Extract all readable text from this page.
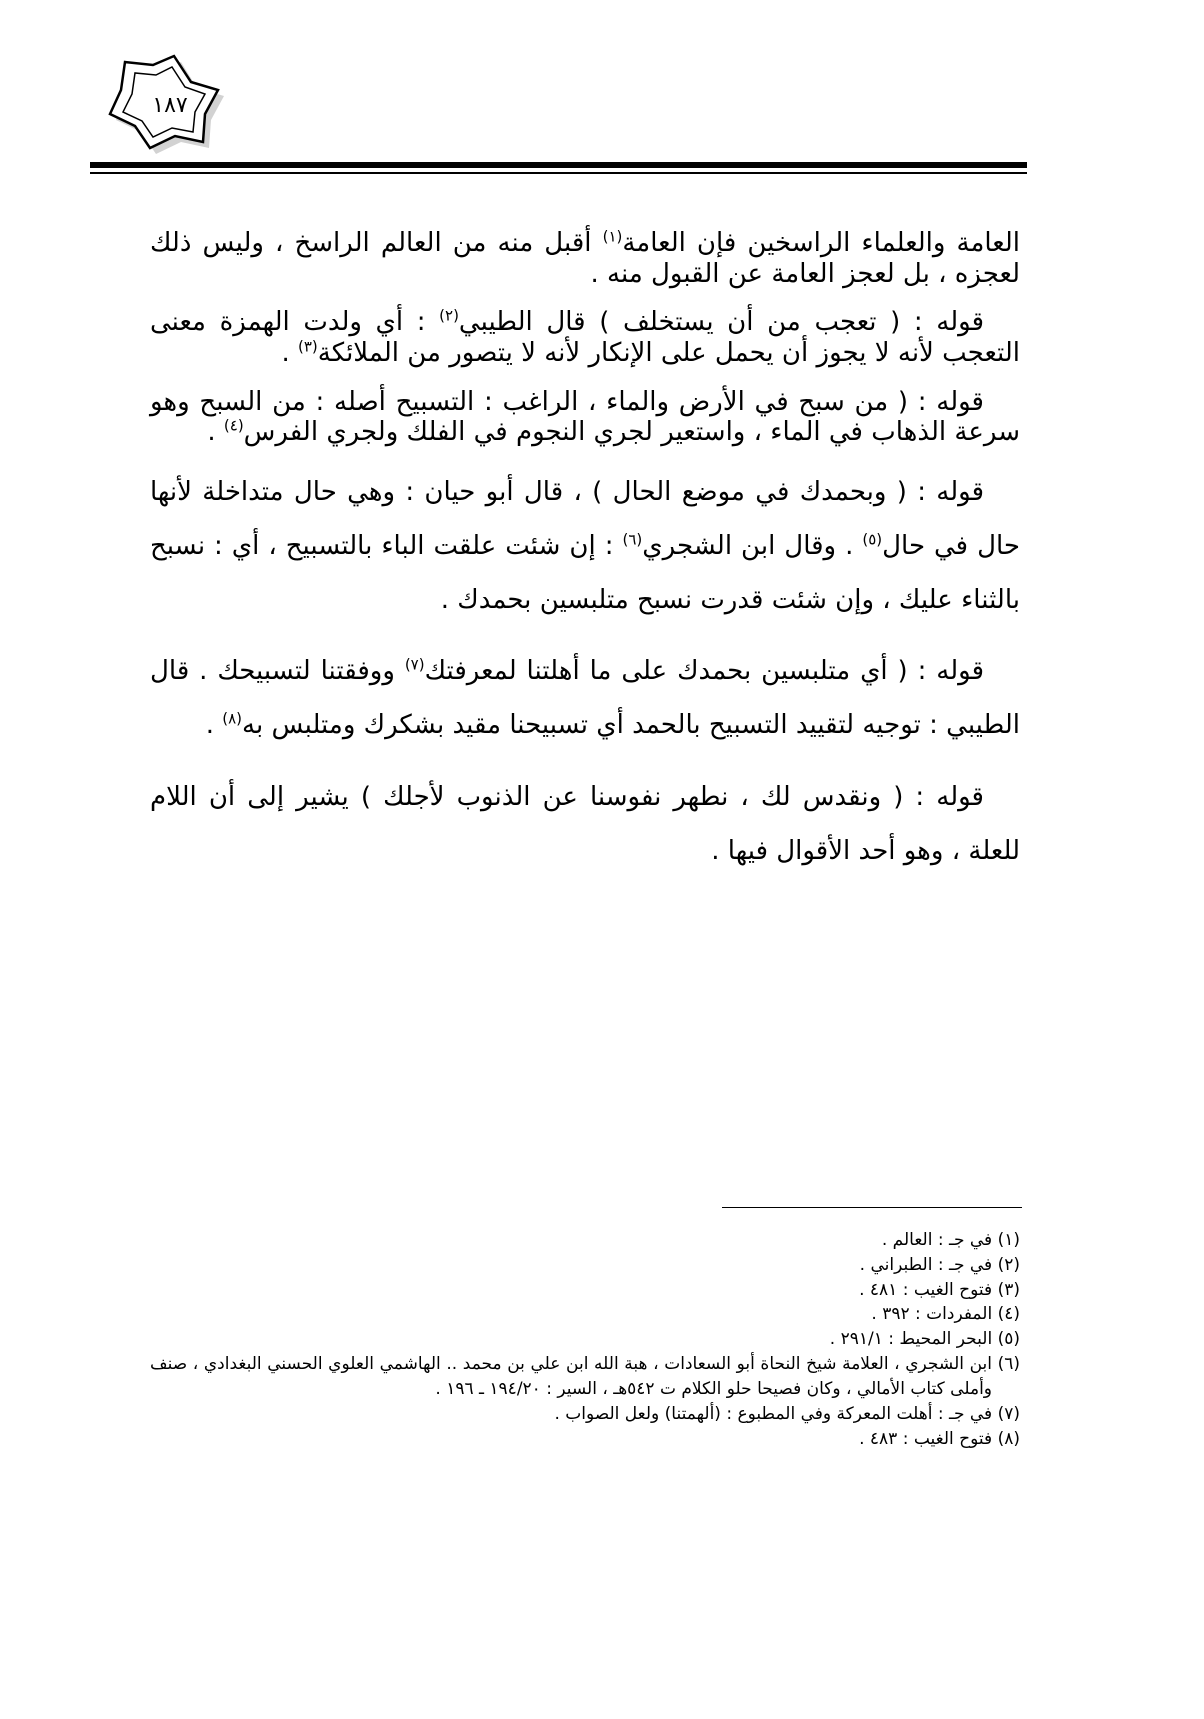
١٨٧

العامة والعلماء الراسخين فإن العامة$^{(١)}$ أقبل منه من العالم الراسخ ، وليس ذلك لعجزه ، بل لعجز العامة عن القبول منه .

قوله : ( تعجب من أن يستخلف ) قال الطيبي$^{(٢)}$ : أي ولدت الهمزة معنى التعجب لأنه لا يجوز أن يحمل على الإنكار لأنه لا يتصور من الملائكة$^{(٣)}$ .

قوله : ( من سبح في الأرض والماء ، الراغب : التسبيح أصله : من السبح وهو سرعة الذهاب في الماء ، واستعير لجري النجوم في الفلك ولجري الفرس$^{(٤)}$ .

قوله : ( وبحمدك في موضع الحال ) ، قال أبو حيان : وهي حال متداخلة لأنها حال في حال$^{(٥)}$ . وقال ابن الشجري$^{(٦)}$ : إن شئت علقت الباء بالتسبيح ، أي : نسبح بالثناء عليك ، وإن شئت قدرت نسبح متلبسين بحمدك .

قوله : ( أي متلبسين بحمدك على ما أهلتنا لمعرفتك$^{(٧)}$ ووفقتنا لتسبيحك . قال الطيبي : توجيه لتقييد التسبيح بالحمد أي تسبيحنا مقيد بشكرك ومتلبس به$^{(٨)}$ .

قوله : ( ونقدس لك ، نطهر نفوسنا عن الذنوب لأجلك ) يشير إلى أن اللام للعلة ، وهو أحد الأقوال فيها .

(١) في جـ : العالم .

(٢) في جـ : الطبراني .

(٣) فتوح الغيب : ٤٨١ .

(٤) المفردات : ٣٩٢ .

(٥) البحر المحيط : ٢٩١/١ .

(٦) ابن الشجري ، العلامة شيخ النحاة أبو السعادات ، هبة الله ابن علي بن محمد .. الهاشمي العلوي الحسني البغدادي ، صنف وأملى كتاب الأمالي ، وكان فصيحا حلو الكلام ت ٥٤٢هـ ، السير : ١٩٤/٢٠ ـ ١٩٦ .

(٧) في جـ : أهلت المعركة وفي المطبوع : (ألهمتنا) ولعل الصواب .

(٨) فتوح الغيب : ٤٨٣ .
